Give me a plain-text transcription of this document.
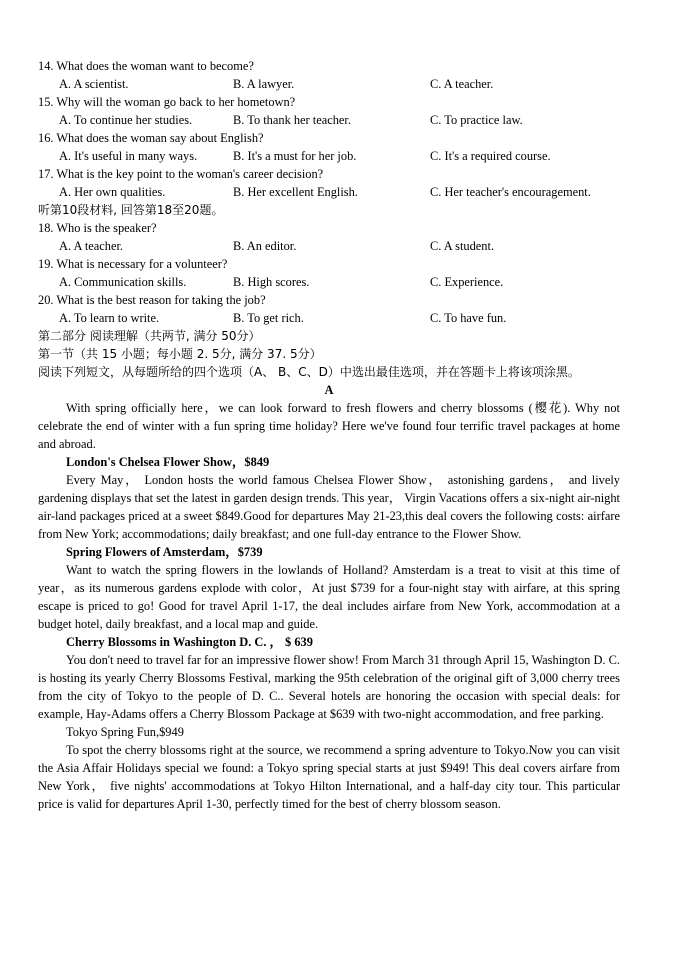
14. What does the woman want to become?
A. A scientist.	B. A lawyer.	C. A teacher.
15. Why will the woman go back to her hometown?
A. To continue her studies.	B. To thank her teacher.	C. To practice law.
16. What does the woman say about English?
A. It's useful in many ways.	B. It's a must for her job.	C. It's a required course.
17. What is the key point to the woman's career decision?
A. Her own qualities.	B. Her excellent English.	C. Her teacher's encouragement.
听第10段材料, 回答第18至20题。
18. Who is the speaker?
A. A teacher.	B. An editor.	C. A student.
19. What is necessary for a volunteer?
A. Communication skills.	B. High scores.	C. Experience.
20. What is the best reason for taking the job?
A. To learn to write.	B. To get rich.	C. To have fun.
第二部分 阅读理解（共两节, 满分 50分）
第一节（共 15 小题；每小题 2. 5分, 满分 37. 5分）
阅读下列短文，从每题所给的四个选项（A、 B、C、D）中选出最佳选项，并在答题卡上将该项涂黑。
A

With spring officially here，we can look forward to fresh flowers and cherry blossoms (樱花). Why not celebrate the end of winter with a fun spring time holiday? Here we've found four terrific travel packages at home and abroad.

London's Chelsea Flower Show，$849

Every May， London hosts the world famous Chelsea Flower Show， astonishing gardens， and lively gardening displays that set the latest in garden design trends. This year， Virgin Vacations offers a six-night air-night air-land packages priced at a sweet $849.Good for departures May 21-23,this deal covers the following costs: airfare from New York; accommodations; daily breakfast; and one full-day entrance to the Flower Show.

Spring Flowers of Amsterdam，$739

Want to watch the spring flowers in the lowlands of Holland? Amsterdam is a treat to visit at this time of year，as its numerous gardens explode with color，At just $739 for a four-night stay with airfare, at this spring escape is priced to go! Good for travel April 1-17, the deal includes airfare from New York, accommodation at a budget hotel, daily breakfast, and a local map and guide.

Cherry Blossoms in Washington D. C. ， $ 639

You don't need to travel far for an impressive flower show! From March 31 through April 15, Washington D. C. is hosting its yearly Cherry Blossoms Festival, marking the 95th celebration of the original gift of 3,000 cherry trees from the city of Tokyo to the people of D. C.. Several hotels are honoring the occasion with special deals: for example, Hay-Adams offers a Cherry Blossom Package at $639 with two-night accommodation, and free parking.

Tokyo Spring Fun,$949

To spot the cherry blossoms right at the source, we recommend a spring adventure to Tokyo.Now you can visit the Asia Affair Holidays special we found: a Tokyo spring special starts at just $949! This deal covers airfare from New York， five nights' accommodations at Tokyo Hilton International, and a half-day city tour. This particular price is valid for departures April 1-30, perfectly timed for the best of cherry blossom season.
